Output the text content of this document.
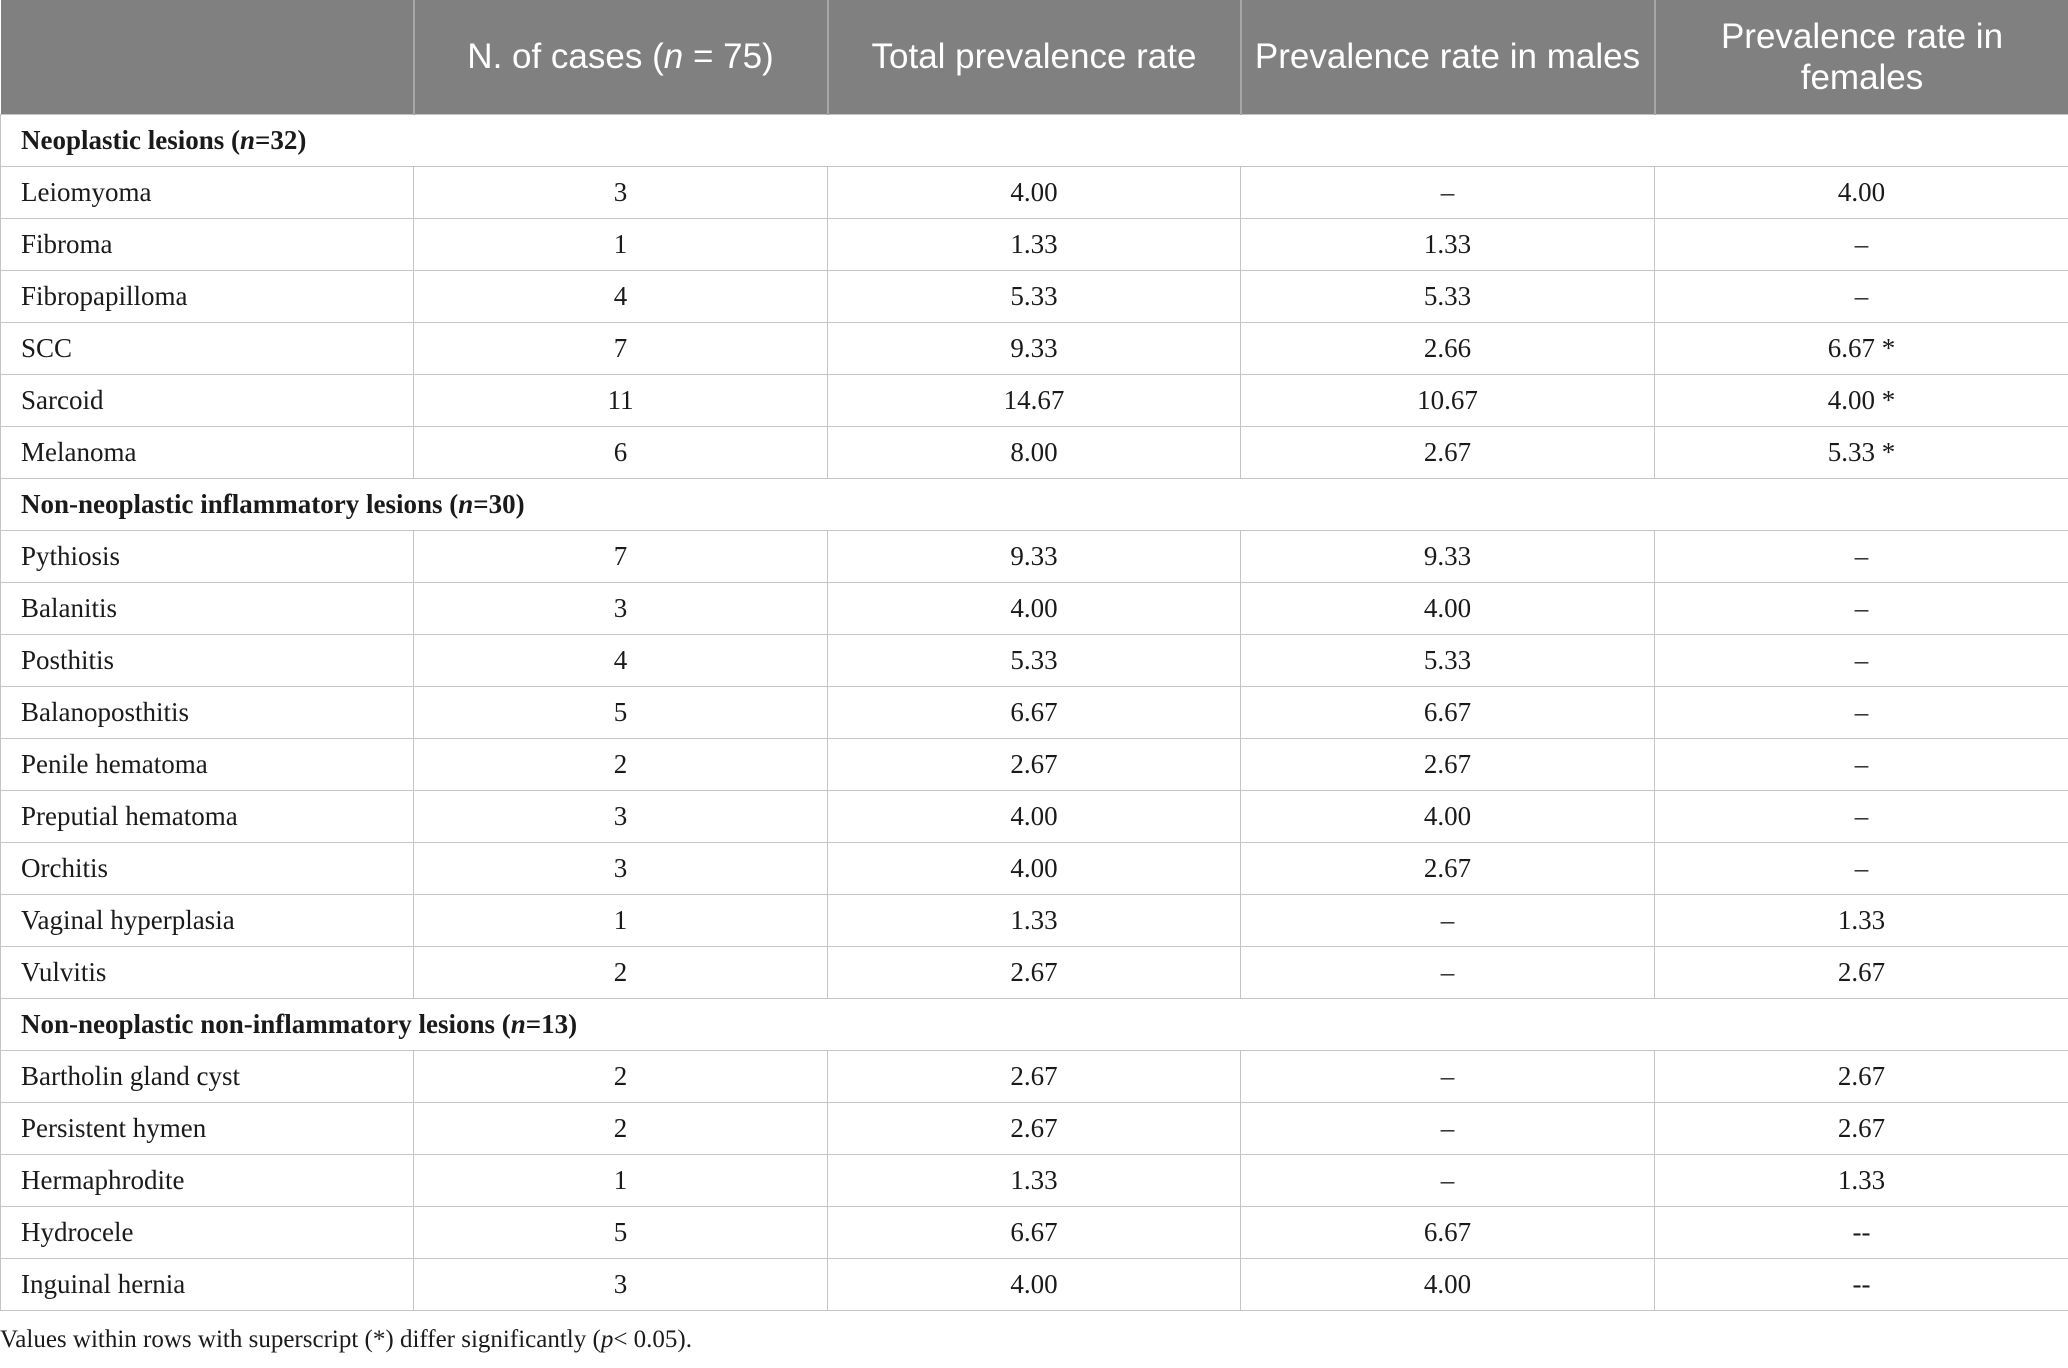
	N. of cases (n = 75)	Total prevalence rate	Prevalence rate in males	Prevalence rate in females
Neoplastic lesions (n=32)				
Leiomyoma	3	4.00	–	4.00
Fibroma	1	1.33	1.33	–
Fibropapilloma	4	5.33	5.33	–
SCC	7	9.33	2.66	6.67 *
Sarcoid	11	14.67	10.67	4.00 *
Melanoma	6	8.00	2.67	5.33 *
Non-neoplastic inflammatory lesions (n=30)				
Pythiosis	7	9.33	9.33	–
Balanitis	3	4.00	4.00	–
Posthitis	4	5.33	5.33	–
Balanoposthitis	5	6.67	6.67	–
Penile hematoma	2	2.67	2.67	–
Preputial hematoma	3	4.00	4.00	–
Orchitis	3	4.00	2.67	–
Vaginal hyperplasia	1	1.33	–	1.33
Vulvitis	2	2.67	–	2.67
Non-neoplastic non-inflammatory lesions (n=13)				
Bartholin gland cyst	2	2.67	–	2.67
Persistent hymen	2	2.67	–	2.67
Hermaphrodite	1	1.33	–	1.33
Hydrocele	5	6.67	6.67	--
Inguinal hernia	3	4.00	4.00	--
Values within rows with superscript (*) differ significantly (p< 0.05).
